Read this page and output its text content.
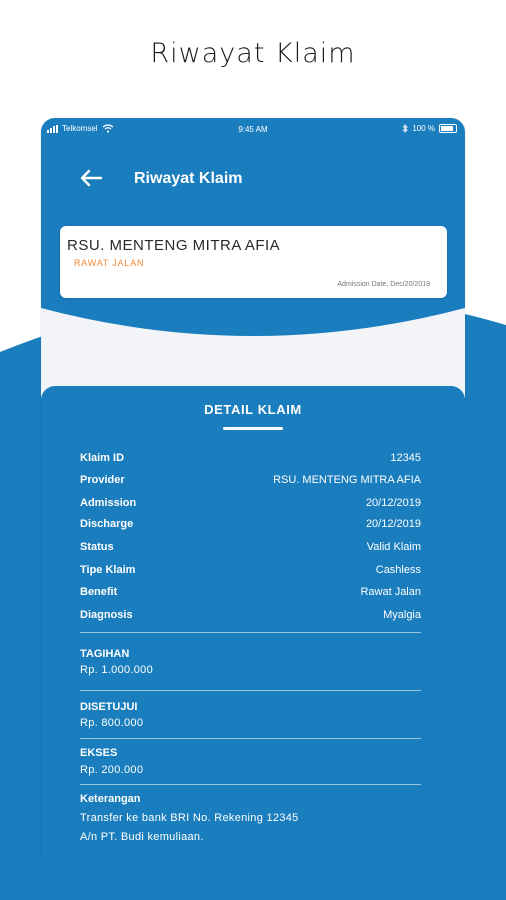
Riwayat Klaim
Telkomsel	9:45 AM	100 %
Riwayat Klaim
RSU. MENTENG MITRA AFIA
RAWAT JALAN
Admission Date, Dec/20/2019
DETAIL KLAIM
Klaim ID	12345
Provider	RSU. MENTENG MITRA AFIA
Admission	20/12/2019
Discharge	20/12/2019
Status	Valid Klaim
Tipe Klaim	Cashless
Benefit	Rawat Jalan
Diagnosis	Myalgia
TAGIHAN
Rp. 1.000.000
DISETUJUI
Rp. 800.000
EKSES
Rp. 200.000
Keterangan
Transfer ke bank BRI No. Rekening 12345
A/n PT. Budi kemuliaan.
